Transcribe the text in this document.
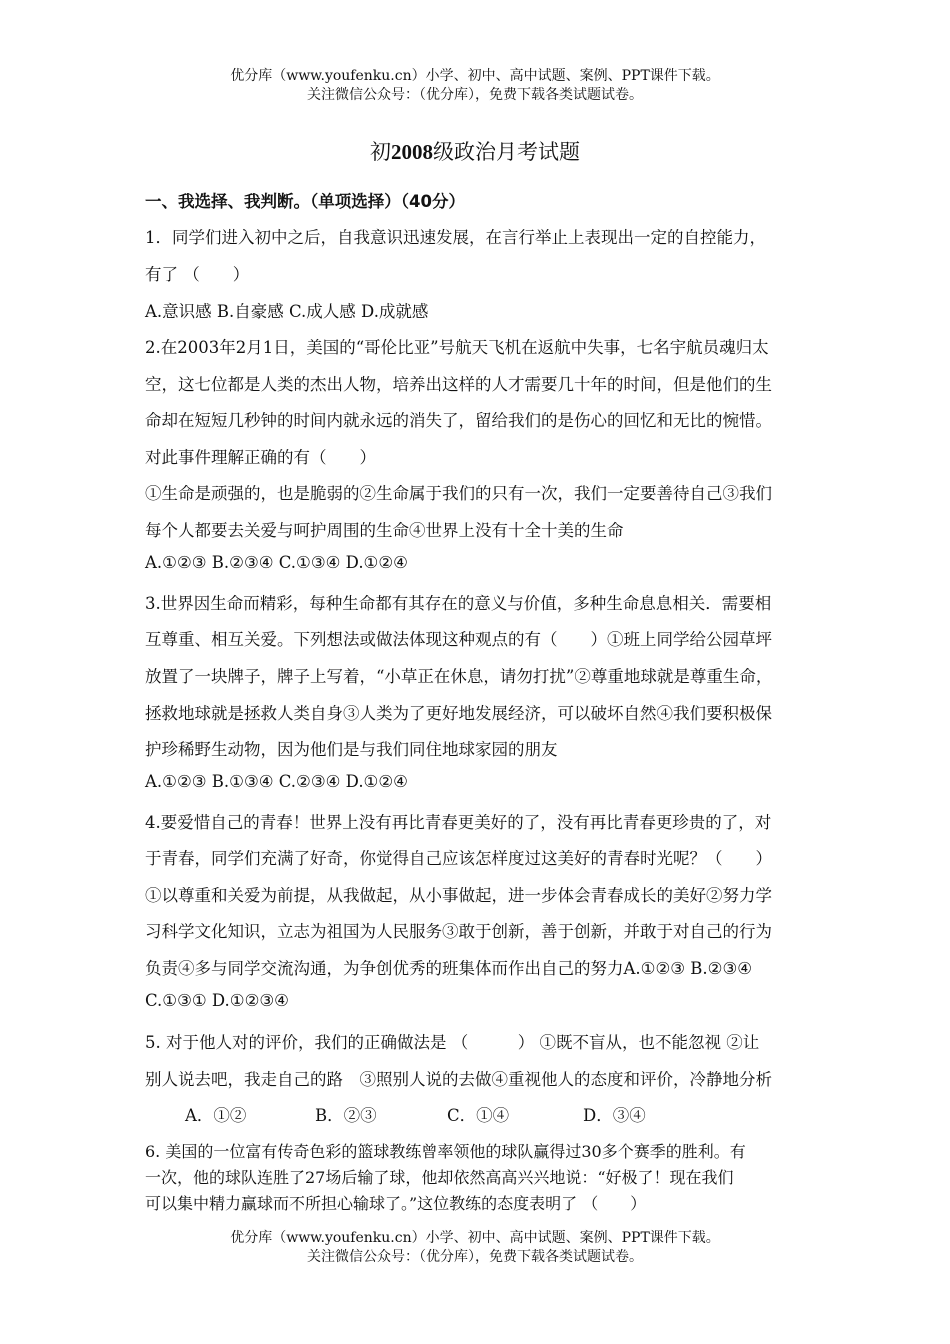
优分库（www.youfenku.cn）小学、初中、高中试题、案例、PPT课件下载。
关注微信公众号：（优分库），免费下载各类试题试卷。
初2008级政治月考试题
一、我选择、我判断。（单项选择）（40分）
1．同学们进入初中之后，自我意识迅速发展，在言行举止上表现出一定的自控能力，
有了 （　　）
A.意识感 B.自豪感 C.成人感 D.成就感
2.在2003年2月1日，美国的“哥伦比亚”号航天飞机在返航中失事，七名宇航员魂归太
空，这七位都是人类的杰出人物，培养出这样的人才需要几十年的时间，但是他们的生
命却在短短几秒钟的时间内就永远的消失了，留给我们的是伤心的回忆和无比的惋惜。
对此事件理解正确的有（　　）
①生命是顽强的，也是脆弱的②生命属于我们的只有一次，我们一定要善待自己③我们
每个人都要去关爱与呵护周围的生命④世界上没有十全十美的生命
A.①②③ B.②③④ C.①③④ D.①②④
3.世界因生命而精彩，每种生命都有其存在的意义与价值，多种生命息息相关．需要相
互尊重、相互关爱。下列想法或做法体现这种观点的有（　　）①班上同学给公园草坪
放置了一块牌子，牌子上写着，“小草正在休息，请勿打扰”②尊重地球就是尊重生命，
拯救地球就是拯救人类自身③人类为了更好地发展经济，可以破坏自然④我们要积极保
护珍稀野生动物，因为他们是与我们同住地球家园的朋友
A.①②③ B.①③④ C.②③④ D.①②④
4.要爱惜自己的青春！世界上没有再比青春更美好的了，没有再比青春更珍贵的了，对
于青春，同学们充满了好奇，你觉得自己应该怎样度过这美好的青春时光呢？（　　）
①以尊重和关爱为前提，从我做起，从小事做起，进一步体会青春成长的美好②努力学
习科学文化知识，立志为祖国为人民服务③敢于创新，善于创新，并敢于对自己的行为
负责④多与同学交流沟通，为争创优秀的班集体而作出自己的努力A.①②③ B.②③④
C.①③① D.①②③④
5. 对于他人对的评价，我们的正确做法是 （　　　） ①既不盲从，也不能忽视 ②让
别人说去吧，我走自己的路　③照别人说的去做④重视他人的态度和评价，冷静地分析
A．①②	B．②③	C．①④	D．③④
6. 美国的一位富有传奇色彩的篮球教练曾率领他的球队赢得过30多个赛季的胜利。有
一次，他的球队连胜了27场后输了球，他却依然高高兴兴地说：“好极了！现在我们
可以集中精力赢球而不所担心输球了。”这位教练的态度表明了 （　　）
优分库（www.youfenku.cn）小学、初中、高中试题、案例、PPT课件下载。
关注微信公众号：（优分库），免费下载各类试题试卷。
